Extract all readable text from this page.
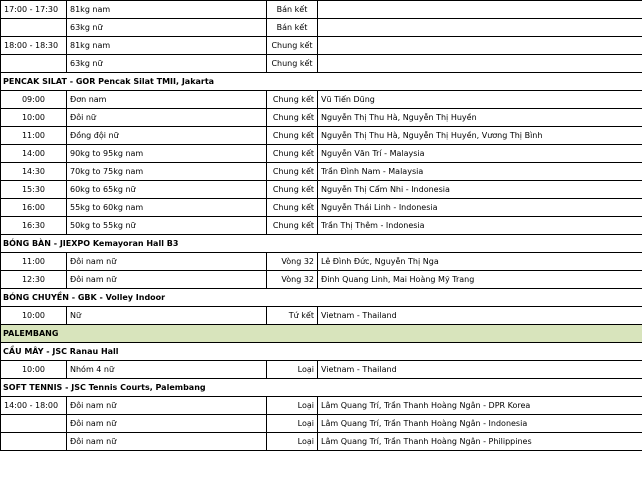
17:00 - 17:30	81kg nam	Bán kết	
	63kg nữ	Bán kết	
18:00 - 18:30	81kg nam	Chung kết	
	63kg nữ	Chung kết	
PENCAK SILAT - GOR Pencak Silat TMII, Jakarta			
09:00	Đơn nam	Chung kết	Vũ Tiến Dũng
10:00	Đôi nữ	Chung kết	Nguyễn Thị Thu Hà, Nguyễn Thị Huyền
11:00	Đồng đội nữ	Chung kết	Nguyễn Thị Thu Hà, Nguyễn Thị Huyền, Vương Thị Bình
14:00	90kg to 95kg nam	Chung kết	Nguyễn Văn Trí - Malaysia
14:30	70kg to 75kg nam	Chung kết	Trần Đình Nam - Malaysia
15:30	60kg to 65kg nữ	Chung kết	Nguyễn Thị Cẩm Nhi - Indonesia
16:00	55kg to 60kg nam	Chung kết	Nguyễn Thái Linh - Indonesia
16:30	50kg to 55kg nữ	Chung kết	Trần Thị Thêm - Indonesia
BÓNG BÀN - JIEXPO Kemayoran Hall B3			
11:00	Đôi nam nữ	Vòng 32	Lê Đình Đức, Nguyễn Thị Nga
12:30	Đôi nam nữ	Vòng 32	Đinh Quang Linh, Mai Hoàng Mỹ Trang
BÓNG CHUYỀN - GBK - Volley Indoor			
10:00	Nữ	Tứ kết	Vietnam - Thailand
PALEMBANG			
CẦU MÂY - JSC Ranau Hall			
10:00	Nhóm 4 nữ	Loại	Vietnam - Thailand
SOFT TENNIS - JSC Tennis Courts, Palembang			
14:00 - 18:00	Đôi nam nữ	Loại	Lâm Quang Trí, Trần Thanh Hoàng Ngân - DPR Korea
	Đôi nam nữ	Loại	Lâm Quang Trí, Trần Thanh Hoàng Ngân - Indonesia
	Đôi nam nữ	Loại	Lâm Quang Trí, Trần Thanh Hoàng Ngân - Philippines
